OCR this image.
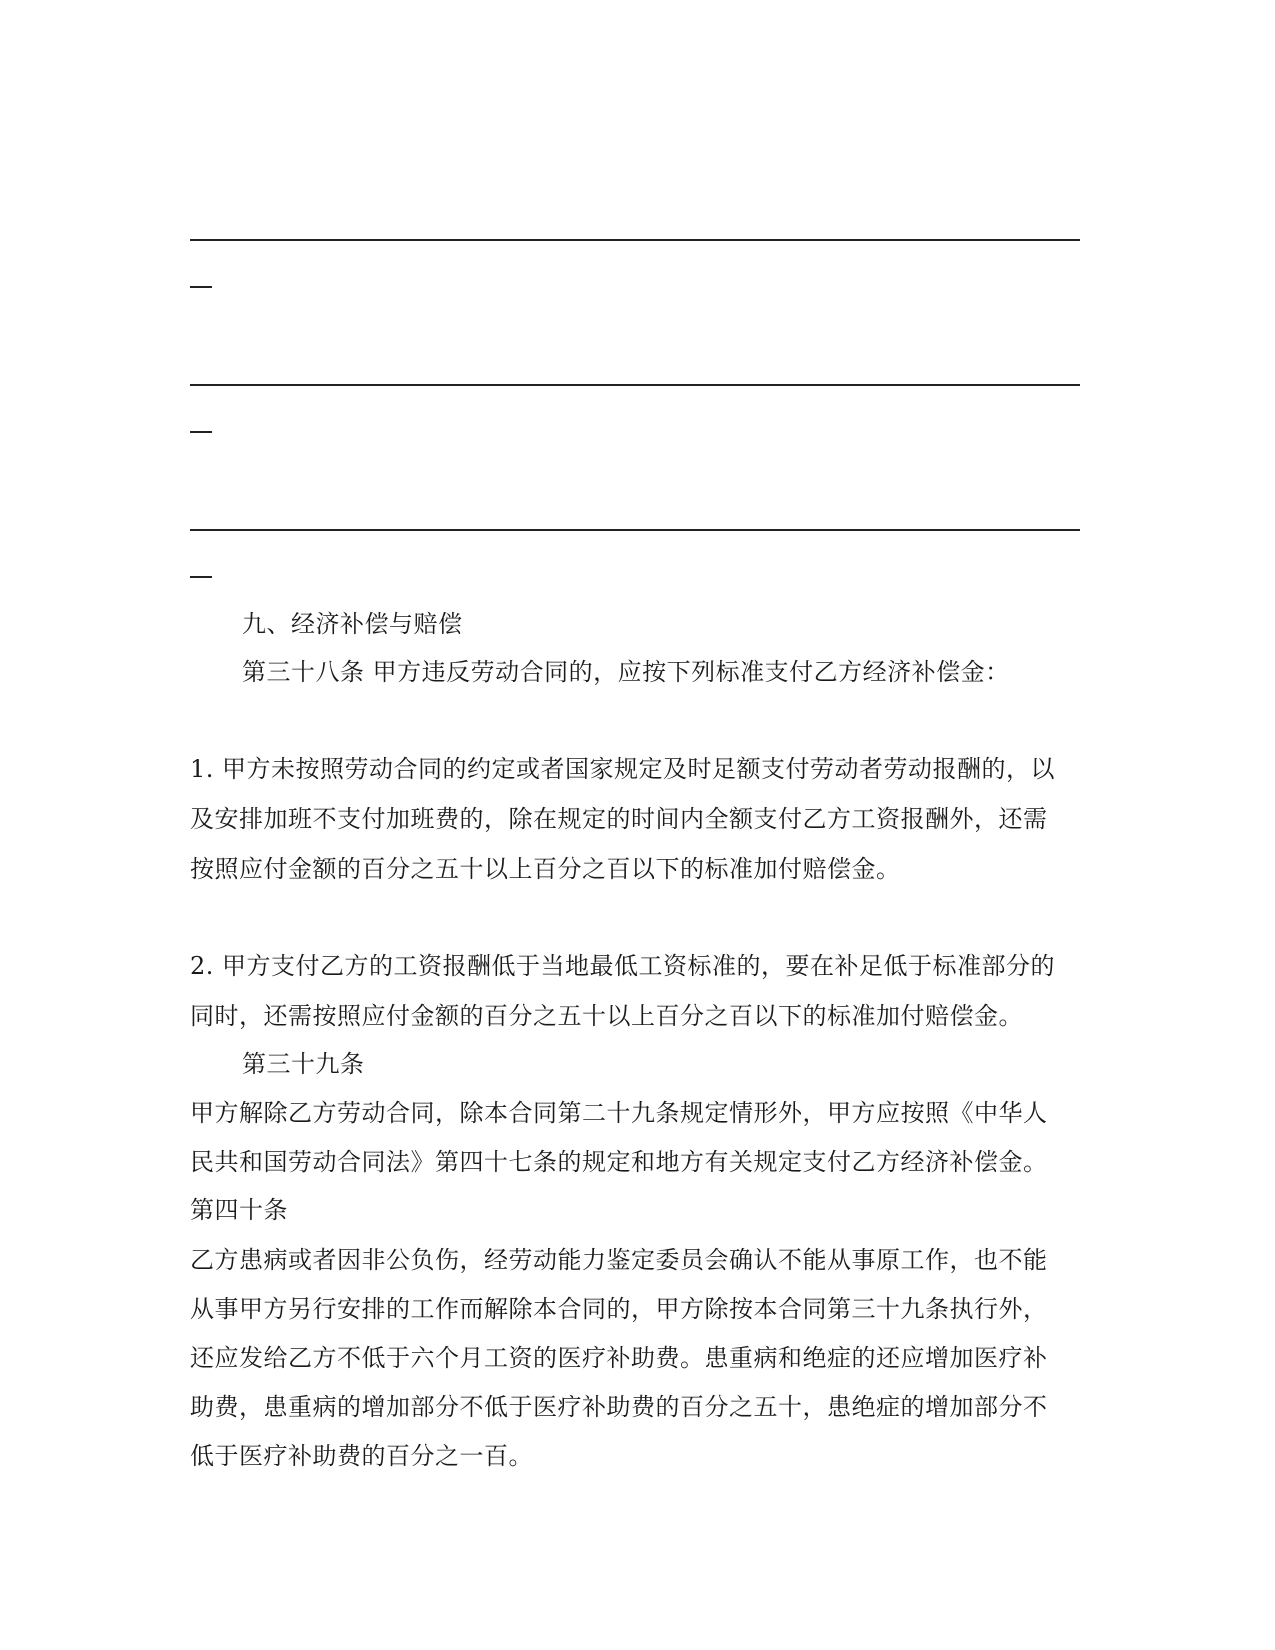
九、经济补偿与赔偿
第三十八条 甲方违反劳动合同的，应按下列标准支付乙方经济补偿金：
1. 甲方未按照劳动合同的约定或者国家规定及时足额支付劳动者劳动报酬的，以
及安排加班不支付加班费的，除在规定的时间内全额支付乙方工资报酬外，还需
按照应付金额的百分之五十以上百分之百以下的标准加付赔偿金。
2. 甲方支付乙方的工资报酬低于当地最低工资标准的，要在补足低于标准部分的
同时，还需按照应付金额的百分之五十以上百分之百以下的标准加付赔偿金。
第三十九条
甲方解除乙方劳动合同，除本合同第二十九条规定情形外，甲方应按照《中华人
民共和国劳动合同法》第四十七条的规定和地方有关规定支付乙方经济补偿金。
第四十条
乙方患病或者因非公负伤，经劳动能力鉴定委员会确认不能从事原工作，也不能
从事甲方另行安排的工作而解除本合同的，甲方除按本合同第三十九条执行外，
还应发给乙方不低于六个月工资的医疗补助费。患重病和绝症的还应增加医疗补
助费，患重病的增加部分不低于医疗补助费的百分之五十，患绝症的增加部分不
低于医疗补助费的百分之一百。
